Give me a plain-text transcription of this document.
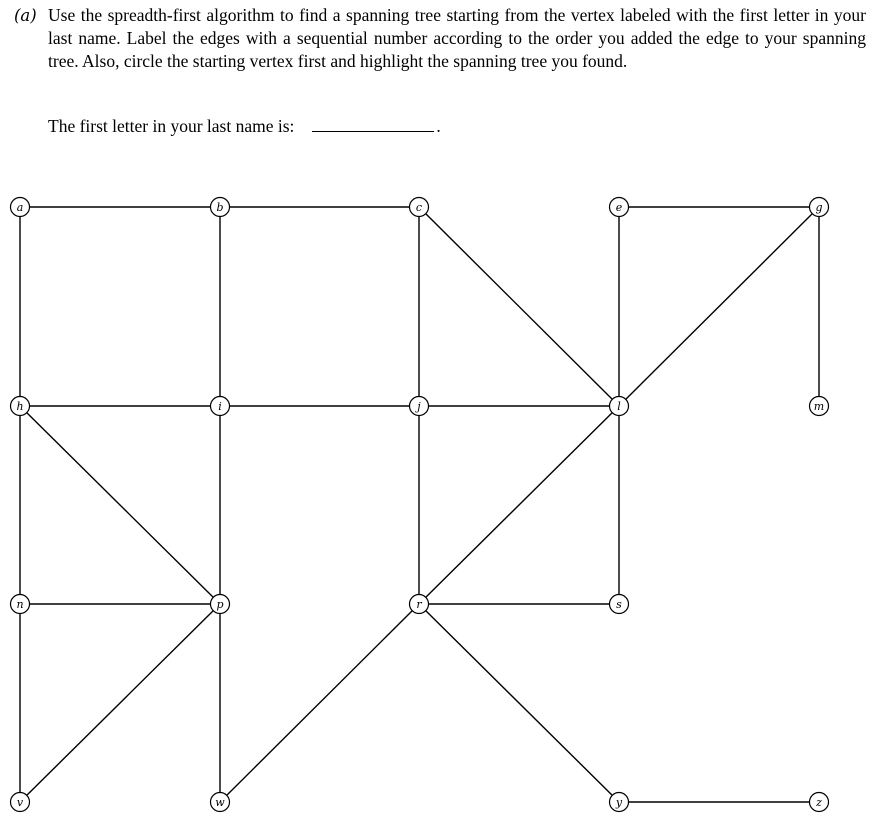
(a) Use the spreadth-first algorithm to find a spanning tree starting from the vertex labeled with the first letter in your last name. Label the edges with a sequential number according to the order you added the edge to your spanning tree. Also, circle the starting vertex first and highlight the spanning tree you found.
The first letter in your last name is:	.
a	b	c	e	g
h	i	j	l	m
n	p	r	s
v	w	y	z
